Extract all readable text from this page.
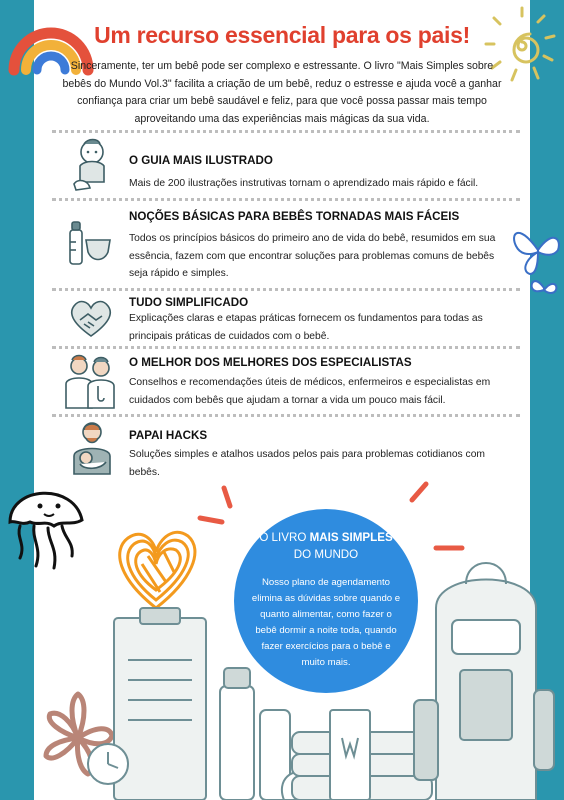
Um recurso essencial para os pais!
Sinceramente, ter um bebê pode ser complexo e estressante. O livro "Mais Simples sobre bebês do Mundo Vol.3" facilita a criação de um bebê, reduz o estresse e ajuda você a ganhar confiança para criar um bebê saudável e feliz, para que você possa passar mais tempo aproveitando uma das experiências mais mágicas da sua vida.
O GUIA MAIS ILUSTRADO
Mais de 200 ilustrações instrutivas tornam o aprendizado mais rápido e fácil.
NOÇÕES BÁSICAS PARA BEBÊS TORNADAS MAIS FÁCEIS
Todos os princípios básicos do primeiro ano de vida do bebê, resumidos em sua essência, fazem com que encontrar soluções para problemas comuns de bebês seja rápido e simples.
TUDO SIMPLIFICADO
Explicações claras e etapas práticas fornecem os fundamentos para todas as principais práticas de cuidados com o bebê.
O MELHOR DOS MELHORES DOS ESPECIALISTAS
Conselhos e recomendações úteis de médicos, enfermeiros e especialistas em cuidados com bebês que ajudam a tornar a vida um pouco mais fácil.
PAPAI HACKS
Soluções simples e atalhos usados pelos pais para problemas cotidianos com bebês.
O LIVRO MAIS SIMPLES
DO MUNDO
Nosso plano de agendamento elimina as dúvidas sobre quando e quanto alimentar, como fazer o bebê dormir a noite toda, quando fazer exercícios para o bebê e muito mais.
